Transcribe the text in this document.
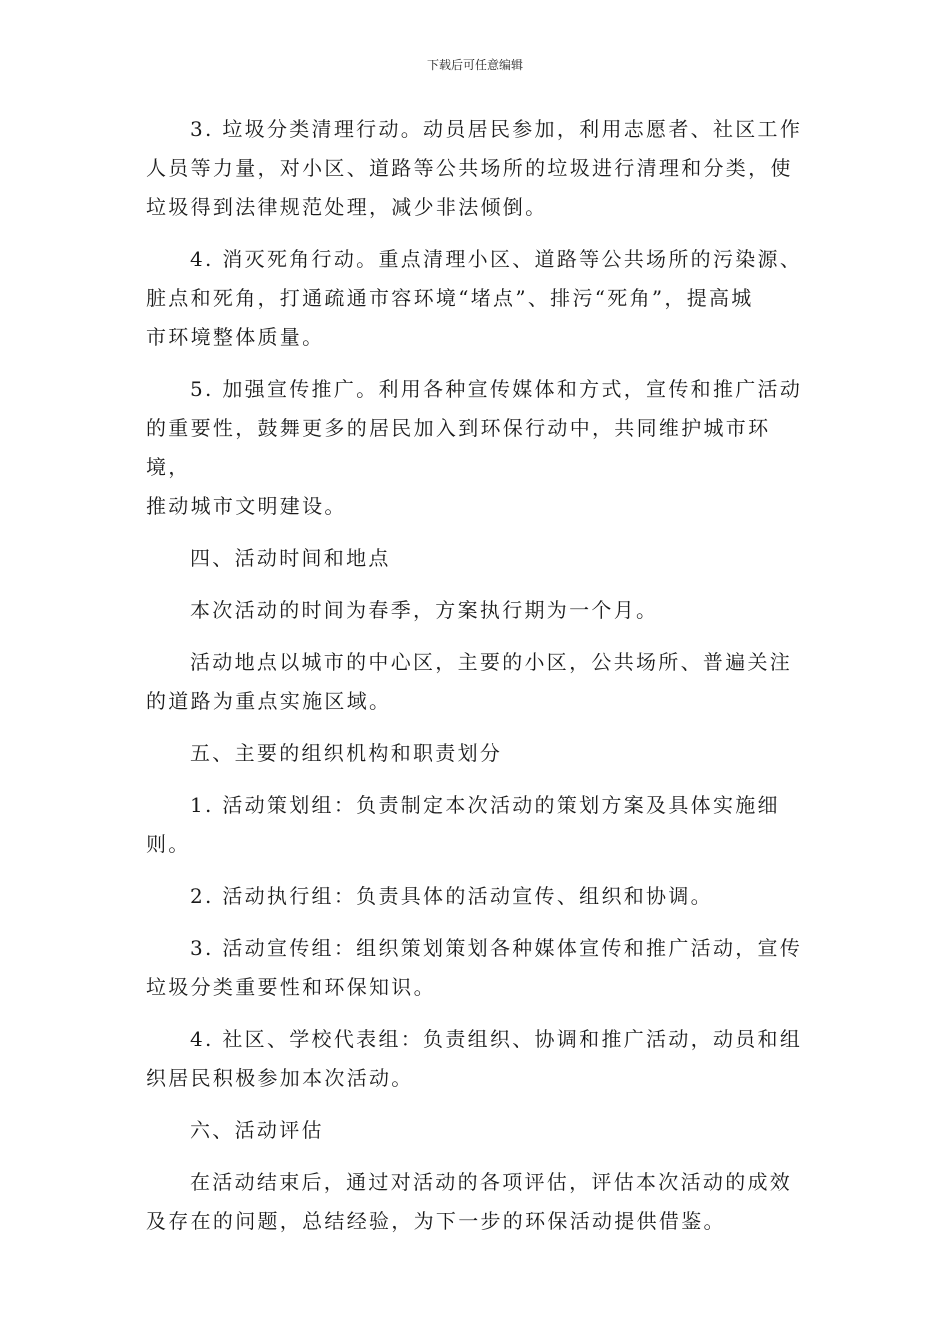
下载后可任意编辑

3. 垃圾分类清理行动。动员居民参加，利用志愿者、社区工作
人员等力量，对小区、道路等公共场所的垃圾进行清理和分类，使
垃圾得到法律规范处理，减少非法倾倒。

4. 消灭死角行动。重点清理小区、道路等公共场所的污染源、
脏点和死角，打通疏通市容环境“堵点”、排污“死角”，提高城
市环境整体质量。

5. 加强宣传推广。利用各种宣传媒体和方式，宣传和推广活动
的重要性，鼓舞更多的居民加入到环保行动中，共同维护城市环境，
推动城市文明建设。

四、活动时间和地点

本次活动的时间为春季，方案执行期为一个月。

活动地点以城市的中心区，主要的小区，公共场所、普遍关注
的道路为重点实施区域。

五、主要的组织机构和职责划分

1. 活动策划组：负责制定本次活动的策划方案及具体实施细则。

2. 活动执行组：负责具体的活动宣传、组织和协调。

3. 活动宣传组：组织策划策划各种媒体宣传和推广活动，宣传
垃圾分类重要性和环保知识。

4. 社区、学校代表组：负责组织、协调和推广活动，动员和组
织居民积极参加本次活动。

六、活动评估

在活动结束后，通过对活动的各项评估，评估本次活动的成效
及存在的问题，总结经验，为下一步的环保活动提供借鉴。
